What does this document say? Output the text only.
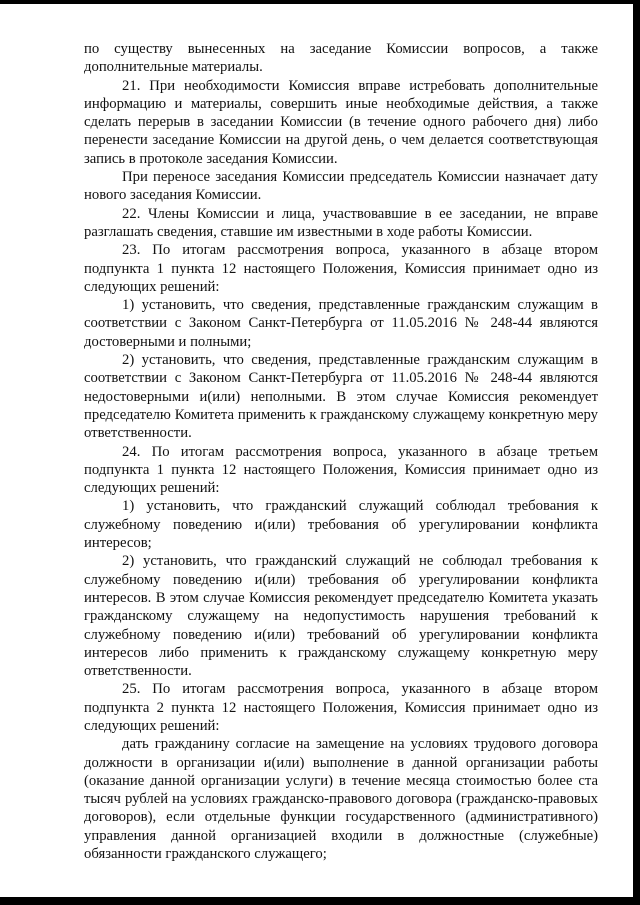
по существу вынесенных на заседание Комиссии вопросов, а также дополнительные материалы.

21. При необходимости Комиссия вправе истребовать дополнительные информацию и материалы, совершить иные необходимые действия, а также сделать перерыв в заседании Комиссии (в течение одного рабочего дня) либо перенести заседание Комиссии на другой день, о чем делается соответствующая запись в протоколе заседания Комиссии.

При переносе заседания Комиссии председатель Комиссии назначает дату нового заседания Комиссии.

22. Члены Комиссии и лица, участвовавшие в ее заседании, не вправе разглашать сведения, ставшие им известными в ходе работы Комиссии.

23. По итогам рассмотрения вопроса, указанного в абзаце втором подпункта 1 пункта 12 настоящего Положения, Комиссия принимает одно из следующих решений:

1) установить, что сведения, представленные гражданским служащим в соответствии с Законом Санкт-Петербурга от 11.05.2016 № 248-44 являются достоверными и полными;

2) установить, что сведения, представленные гражданским служащим в соответствии с Законом Санкт-Петербурга от 11.05.2016 № 248-44 являются недостоверными и(или) неполными. В этом случае Комиссия рекомендует председателю Комитета применить к гражданскому служащему конкретную меру ответственности.

24. По итогам рассмотрения вопроса, указанного в абзаце третьем подпункта 1 пункта 12 настоящего Положения, Комиссия принимает одно из следующих решений:

1) установить, что гражданский служащий соблюдал требования к служебному поведению и(или) требования об урегулировании конфликта интересов;

2) установить, что гражданский служащий не соблюдал требования к служебному поведению и(или) требования об урегулировании конфликта интересов. В этом случае Комиссия рекомендует председателю Комитета указать гражданскому служащему на недопустимость нарушения требований к служебному поведению и(или) требований об урегулировании конфликта интересов либо применить к гражданскому служащему конкретную меру ответственности.

25. По итогам рассмотрения вопроса, указанного в абзаце втором подпункта 2 пункта 12 настоящего Положения, Комиссия принимает одно из следующих решений:

дать гражданину согласие на замещение на условиях трудового договора должности в организации и(или) выполнение в данной организации работы (оказание данной организации услуги) в течение месяца стоимостью более ста тысяч рублей на условиях гражданско-правового договора (гражданско-правовых договоров), если отдельные функции государственного (административного) управления данной организацией входили в должностные (служебные) обязанности гражданского служащего;
